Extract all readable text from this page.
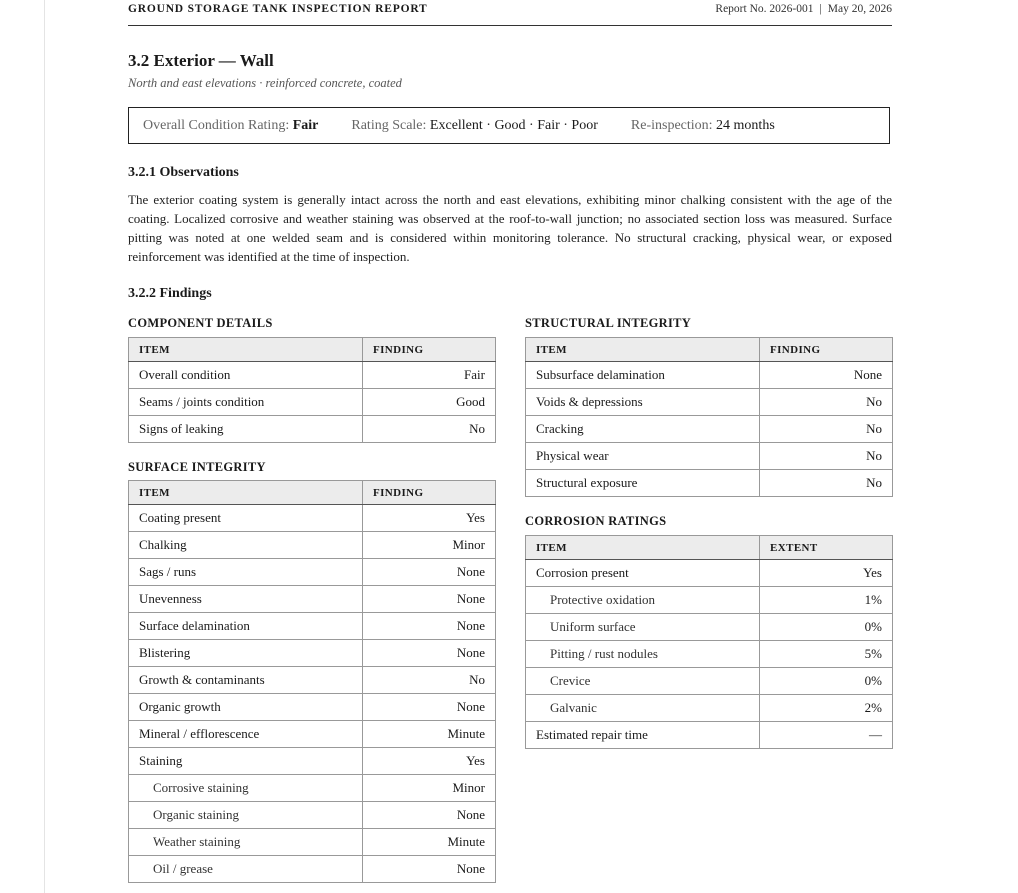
GROUND STORAGE TANK INSPECTION REPORT	Report No. 2026-001 | May 20, 2026
3.2 Exterior — Wall
North and east elevations · reinforced concrete, coated
Overall Condition Rating: Fair Rating Scale: Excellent · Good · Fair · Poor Re-inspection: 24 months
3.2.1 Observations

The exterior coating system is generally intact across the north and east elevations, exhibiting minor chalking consistent with the age of the coating. Localized corrosive and weather staining was observed at the roof-to-wall junction; no associated section loss was measured. Surface pitting was noted at one welded seam and is considered within monitoring tolerance. No structural cracking, physical wear, or exposed reinforcement was identified at the time of inspection.

3.2.2 Findings
COMPONENT DETAILS
ITEM	FINDING
Overall condition	Fair
Seams / joints condition	Good
Signs of leaking	No
SURFACE INTEGRITY
ITEM	FINDING
Coating present	Yes
Chalking	Minor
Sags / runs	None
Unevenness	None
Surface delamination	None
Blistering	None
Growth & contaminants	No
Organic growth	None
Mineral / efflorescence	Minute
Staining	Yes
Corrosive staining	Minor
Organic staining	None
Weather staining	Minute
Oil / grease	None
STRUCTURAL INTEGRITY
ITEM	FINDING
Subsurface delamination	None
Voids & depressions	No
Cracking	No
Physical wear	No
Structural exposure	No
CORROSION RATINGS
ITEM	EXTENT
Corrosion present	Yes
Protective oxidation	1%
Uniform surface	0%
Pitting / rust nodules	5%
Crevice	0%
Galvanic	2%
Estimated repair time	—
